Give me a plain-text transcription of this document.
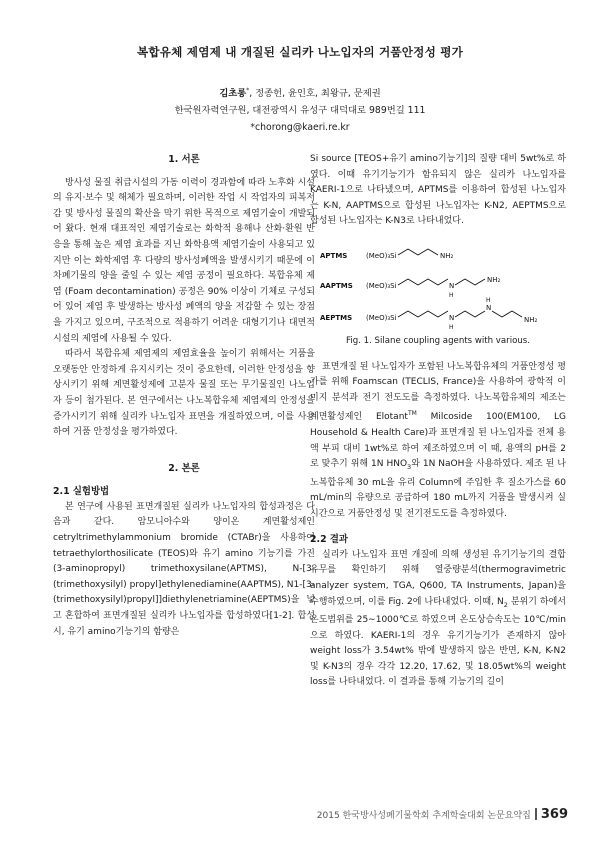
복합유체 제염제 내 개질된 실리카 나노입자의 거품안정성 평가
김초롱*, 정종헌, 윤인호, 최왕규, 문제권
한국원자력연구원, 대전광역시 유성구 대덕대로 989번길 111
*chorong@kaeri.re.kr
1. 서론

방사성 물질 취급시설의 가동 이력이 경과함에 따라 노후화 시설의 유지·보수 및 해체가 필요하며, 이러한 작업 시 작업자의 피복저감 및 방사성 물질의 확산을 막기 위한 목적으로 제염기술이 개발되어 왔다. 현재 대표적인 제염기술로는 화학적 용해나 산화·환원 반응을 통해 높은 제염 효과를 지닌 화학용액 제염기술이 사용되고 있지만 이는 화학제염 후 다량의 방사성폐액을 발생시키기 때문에 이차폐기물의 양을 줄일 수 있는 제염 공정이 필요하다. 복합유체 제염 (Foam decontamination) 공정은 90% 이상이 기체로 구성되어 있어 제염 후 발생하는 방사성 폐액의 양을 저감할 수 있는 장점을 가지고 있으며, 구조적으로 적용하기 어려운 대형기기나 대면적 시설의 제염에 사용될 수 있다.

따라서 복합유체 제염제의 제염효율을 높이기 위해서는 거품을 오랫동안 안정하게 유지시키는 것이 중요한데, 이러한 안정성을 향상시키기 위해 계면활성제에 고분자 물질 또는 무기물질인 나노입자 등이 첨가된다. 본 연구에서는 나노복합유체 제염제의 안정성을 증가시키기 위해 실리카 나노입자 표면을 개질하였으며, 이를 사용하여 거품 안정성을 평가하였다.

2. 본론
2.1 실험방법

본 연구에 사용된 표면개질된 실리카 나노입자의 합성과정은 다음과 같다. 암모니아수와 양이온 계면활성제인 cetryltrimethylammonium bromide (CTABr)을 사용하여 tetraethylorthosilicate (TEOS)와 유기 amino 기능기를 가진 (3-aminopropyl) trimethoxysilane(APTMS), N-[3-(trimethoxysilyl) propyl]ethylenediamine(AAPTMS), N1-[3-(trimethoxysilyl)propyl]]diethylenetriamine(AEPTMS)을 넣고 혼합하여 표면개질된 실리카 나노입자를 합성하였다[1-2]. 합성 시, 유기 amino기능기의 함량은

Si source [TEOS+유기 amino기능기]의 질량 대비 5wt%로 하였다. 이때 유기기능기가 함유되지 않은 실리카 나노입자를 KAERI-1으로 나타냈으며, APTMS를 이용하여 합성된 나노입자는 K-N, AAPTMS으로 합성된 나노입자는 K-N2, AEPTMS으로 합성된 나노입자는 K-N3로 나타내었다.

APTMS	(MeO)₃Si	NH₂
AAPTMS (MeO)₃Si	N
H
NH₂
AEPTMS (MeO)₃Si	N
H
N
H
NH₂
Fig. 1. Silane coupling agents with various.

표면개질 된 나노입자가 포함된 나노복합유체의 거품안정성 평가를 위해 Foamscan (TECLIS, France)을 사용하여 광학적 이미지 분석과 전기 전도도를 측정하였다. 나노복합유체의 제조는 계면활성제인 Elotant™ Milcoside 100(EM100, LG Household & Health Care)과 표면개질 된 나노입자를 전체 용액 부피 대비 1wt%로 하여 제조하였으며 이 때, 용액의 pH를 2로 맞추기 위해 1N $HNO_3$와 1N NaOH을 사용하였다. 제조 된 나노복합유체 30 mL을 유리 Column에 주입한 후 질소가스를 60 mL/min의 유량으로 공급하여 180 mL까지 거품을 발생시켜 실시간으로 거품안정성 및 전기전도도를 측정하였다.

2.2 결과

실리카 나노입자 표면 개질에 의해 생성된 유기기능기의 결합유무를 확인하기 위해 열중량분석(thermogravimetric analyzer system, TGA, Q600, TA Instruments, Japan)을 수행하였으며, 이를 Fig. 2에 나타내었다. 이때, $N_2$ 분위기 하에서 온도범위를 25∼1000℃로 하였으며 온도상승속도는 10℃/min으로 하였다. KAERI-1의 경우 유기기능기가 존재하지 않아 weight loss가 3.54wt% 밖에 발생하지 않은 반면, K-N, K-N2 및 K-N3의 경우 각각 12.20, 17.62, 및 18.05wt%의 weight loss를 나타내었다. 이 결과를 통해 기능기의 길이

2015 한국방사성폐기물학회 추계학술대회 논문요약집 369
